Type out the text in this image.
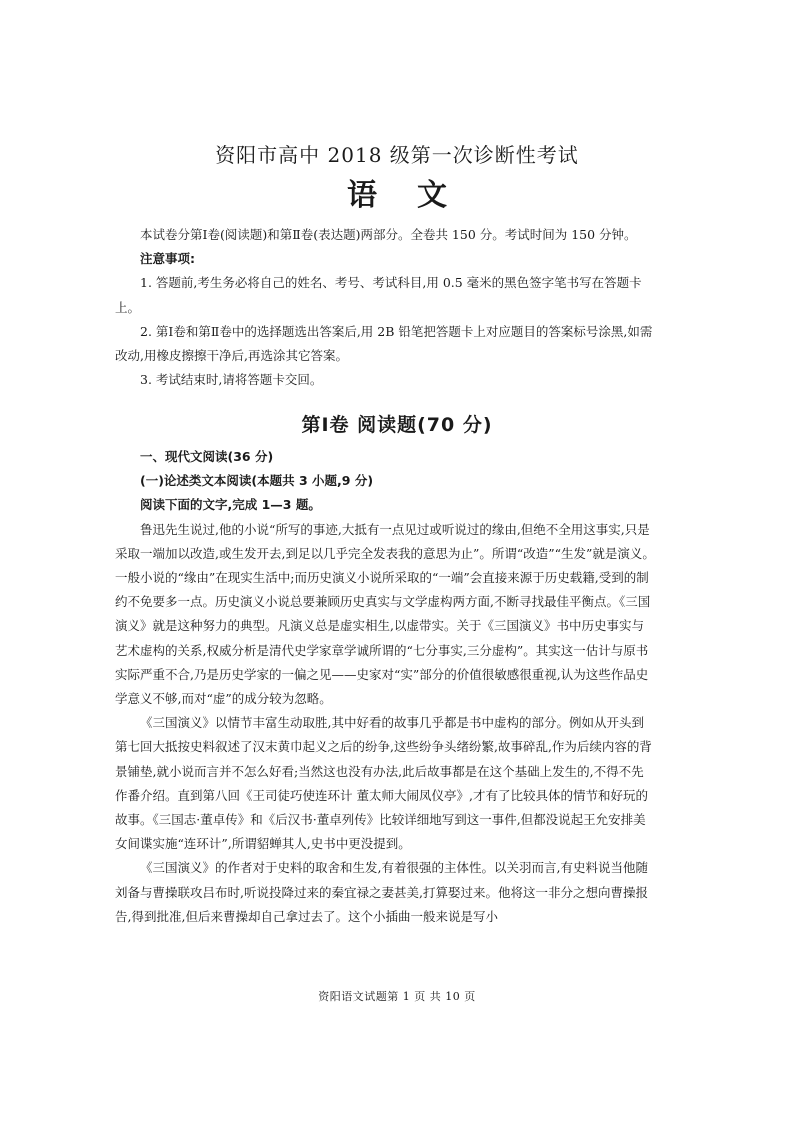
资阳市高中 2018 级第一次诊断性考试
语文

本试卷分第Ⅰ卷(阅读题)和第Ⅱ卷(表达题)两部分。全卷共 150 分。考试时间为 150 分钟。

注意事项:

1. 答题前,考生务必将自己的姓名、考号、考试科目,用 0.5 毫米的黑色签字笔书写在答题卡上。

2. 第Ⅰ卷和第Ⅱ卷中的选择题选出答案后,用 2B 铅笔把答题卡上对应题目的答案标号涂黑,如需改动,用橡皮擦擦干净后,再选涂其它答案。

3. 考试结束时,请将答题卡交回。

第Ⅰ卷 阅读题(70 分)

一、现代文阅读(36 分)

(一)论述类文本阅读(本题共 3 小题,9 分)

阅读下面的文字,完成 1—3 题。

鲁迅先生说过,他的小说“所写的事迹,大抵有一点见过或听说过的缘由,但绝不全用这事实,只是采取一端加以改造,或生发开去,到足以几乎完全发表我的意思为止”。所谓“改造”“生发”就是演义。一般小说的“缘由”在现实生活中;而历史演义小说所采取的“一端”会直接来源于历史载籍,受到的制约不免要多一点。历史演义小说总要兼顾历史真实与文学虚构两方面,不断寻找最佳平衡点。《三国演义》就是这种努力的典型。凡演义总是虚实相生,以虚带实。关于《三国演义》书中历史事实与艺术虚构的关系,权威分析是清代史学家章学诚所谓的“七分事实,三分虚构”。其实这一估计与原书实际严重不合,乃是历史学家的一偏之见——史家对“实”部分的价值很敏感很重视,认为这些作品史学意义不够,而对“虚”的成分较为忽略。

《三国演义》以情节丰富生动取胜,其中好看的故事几乎都是书中虚构的部分。例如从开头到第七回大抵按史料叙述了汉末黄巾起义之后的纷争,这些纷争头绪纷繁,故事碎乱,作为后续内容的背景铺垫,就小说而言并不怎么好看;当然这也没有办法,此后故事都是在这个基础上发生的,不得不先作番介绍。直到第八回《王司徒巧使连环计 董太师大闹凤仪亭》,才有了比较具体的情节和好玩的故事。《三国志·董卓传》和《后汉书·董卓列传》比较详细地写到这一事件,但都没说起王允安排美女间谍实施“连环计”,所谓貂蝉其人,史书中更没提到。

《三国演义》的作者对于史料的取舍和生发,有着很强的主体性。以关羽而言,有史料说当他随刘备与曹操联攻吕布时,听说投降过来的秦宜禄之妻甚美,打算娶过来。他将这一非分之想向曹操报告,得到批准,但后来曹操却自己拿过去了。这个小插曲一般来说是写小

资阳语文试题第 1 页 共 10 页
